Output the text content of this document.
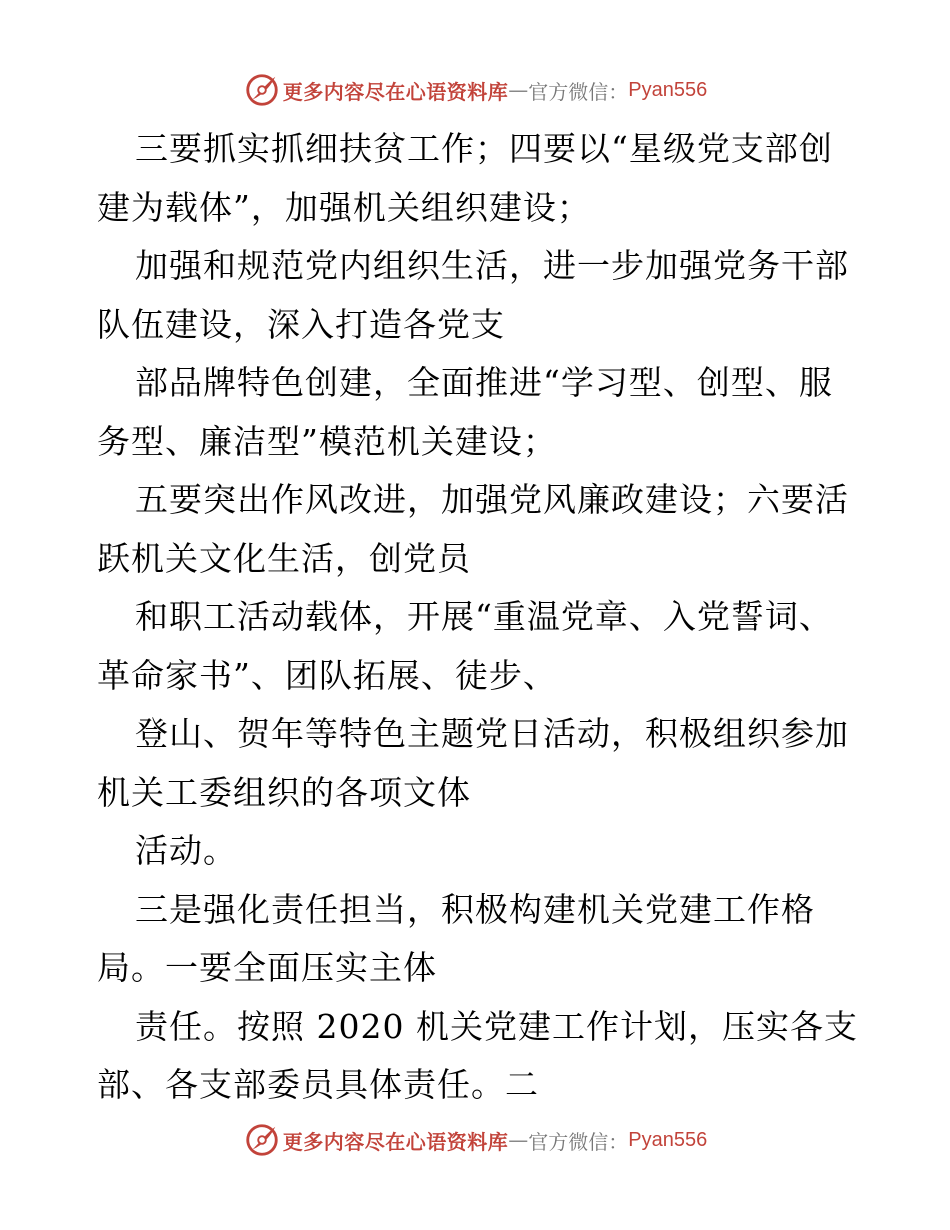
更多内容尽在心语资料库 — 官方微信： Pyan556
三要抓实抓细扶贫工作；四要以“星级党支部创
建为载体”，加强机关组织建设；
加强和规范党内组织生活，进一步加强党务干部
队伍建设，深入打造各党支
部品牌特色创建，全面推进“学习型、创型、服
务型、廉洁型”模范机关建设；
五要突出作风改进，加强党风廉政建设；六要活
跃机关文化生活，创党员
和职工活动载体，开展“重温党章、入党誓词、
革命家书”、团队拓展、徒步、
登山、贺年等特色主题党日活动，积极组织参加
机关工委组织的各项文体
活动。
三是强化责任担当，积极构建机关党建工作格
局。一要全面压实主体
责任。按照 2020 机关党建工作计划，压实各支
部、各支部委员具体责任。二
更多内容尽在心语资料库 — 官方微信： Pyan556
